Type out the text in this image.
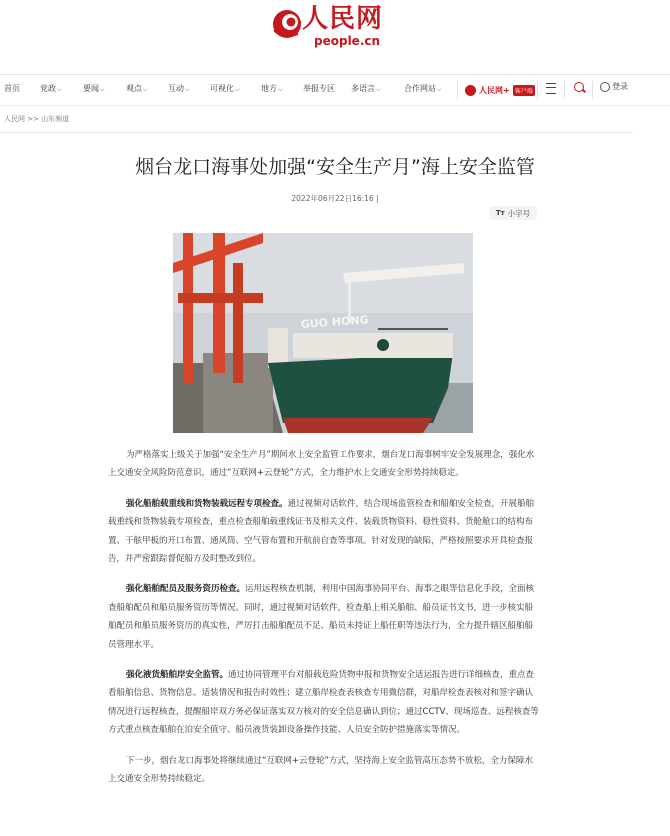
人民网
people.cn
首页	党政⌵	要闻⌵	观点⌵	互动⌵	可视化⌵	地方⌵	举报专区 多语言⌵	合作网站⌵	人民网+ 客户端	登录
人民网 >> 山东频道
烟台龙口海事处加强“安全生产月”海上安全监管
2022年06月22日16:16 |
Tт 小字号
GUO HONG

为严格落实上级关于加强“安全生产月”期间水上安全监管工作要求，烟台龙口海事树牢安全发展理念，强化水上交通安全风险防范意识，通过“互联网+云登轮”方式，全力维护水上交通安全形势持续稳定。

强化船舶载重线和货物装载远程专项检查。通过视频对话软件，结合现场监管检查和船舶安全检查，开展船舶载重线和货物装载专项检查，重点检查船舶载重线证书及相关文件、装载货物资料、稳性资料、货舱舱口的结构布置、干舷甲板的开口布置、通风筒、空气管布置和开航前自查等事项。针对发现的缺陷，严格按照要求开具检查报告，并严密跟踪督促船方及时整改到位。

强化船舶配员及服务资历检查。运用远程核查机制，利用中国海事协同平台、海事之眼等信息化手段，全面核查船舶配员和船员服务资历等情况。同时，通过视频对话软件，检查船上相关船舶、船员证书文书，进一步核实船舶配员和船员服务资历的真实性，严厉打击船舶配员不足、船员未持证上船任职等违法行为，全力提升辖区船舶船员管理水平。

强化液货船舶岸安全监管。通过协同管理平台对船载危险货物申报和货物安全适运报告进行详细核查，重点查看船舶信息、货物信息、适装情况和报告时效性；建立船岸检查表核查专用微信群，对船岸检查表核对和签字确认情况进行远程核查，提醒船岸双方务必保证落实双方核对的安全信息确认到位；通过CCTV、现场巡查、远程核查等方式重点核查船舶在泊安全值守、船员液货装卸设备操作技能、人员安全防护措施落实等情况。

下一步，烟台龙口海事处将继续通过“互联网+云登轮”方式，坚持海上安全监管高压态势不放松，全力保障水上交通安全形势持续稳定。
